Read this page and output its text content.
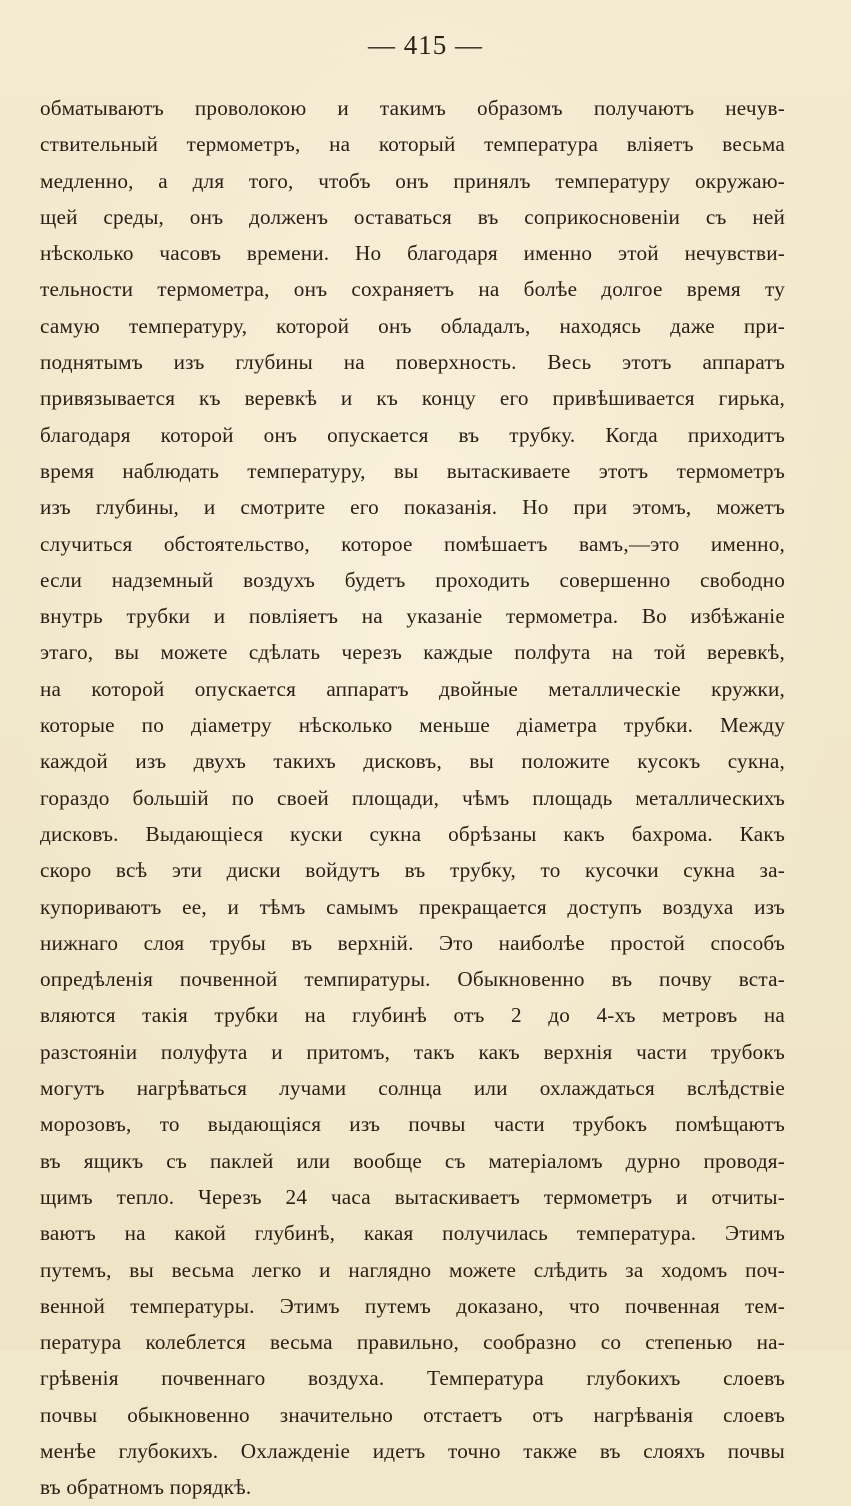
— 415 —
обматываютъ проволокою и такимъ образомъ получаютъ нечув-
ствительный термометръ, на который температура вліяетъ весьма
медленно, а для того, чтобъ онъ принялъ температуру окружаю-
щей среды, онъ долженъ оставаться въ соприкосновеніи съ ней
нѣсколько часовъ времени. Но благодаря именно этой нечувстви-
тельности термометра, онъ сохраняетъ на болѣе долгое время ту
самую температуру, которой онъ обладалъ, находясь даже при-
поднятымъ изъ глубины на поверхность. Весь этотъ аппаратъ
привязывается къ веревкѣ и къ концу его привѣшивается гирька,
благодаря которой онъ опускается въ трубку. Когда приходитъ
время наблюдать температуру, вы вытаскиваете этотъ термометръ
изъ глубины, и смотрите его показанія. Но при этомъ, можетъ
случиться обстоятельство, которое помѣшаетъ вамъ,—это именно,
если надземный воздухъ будетъ проходить совершенно свободно
внутрь трубки и повліяетъ на указаніе термометра. Во избѣжаніе
этаго, вы можете сдѣлать черезъ каждые полфута на той веревкѣ,
на которой опускается аппаратъ двойные металлическіе кружки,
которые по діаметру нѣсколько меньше діаметра трубки. Между
каждой изъ двухъ такихъ дисковъ, вы положите кусокъ сукна,
гораздо большій по своей площади, чѣмъ площадь металлическихъ
дисковъ. Выдающіеся куски сукна обрѣзаны какъ бахрома. Какъ
скоро всѣ эти диски войдутъ въ трубку, то кусочки сукна за-
купориваютъ ее, и тѣмъ самымъ прекращается доступъ воздуха изъ
нижнаго слоя трубы въ верхній. Это наиболѣе простой способъ
опредѣленія почвенной темпиратуры. Обыкновенно въ почву вста-
вляются такія трубки на глубинѣ отъ 2 до 4-хъ метровъ на
разстояніи полуфута и притомъ, такъ какъ верхнія части трубокъ
могутъ нагрѣваться лучами солнца или охлаждаться вслѣдствіе
морозовъ, то выдающіяся изъ почвы части трубокъ помѣщаютъ
въ ящикъ съ паклей или вообще съ матеріаломъ дурно проводя-
щимъ тепло. Черезъ 24 часа вытаскиваетъ термометръ и отчиты-
ваютъ на какой глубинѣ, какая получилась температура. Этимъ
путемъ, вы весьма легко и наглядно можете слѣдить за ходомъ поч-
венной температуры. Этимъ путемъ доказано, что почвенная тем-
пература колеблется весьма правильно, сообразно со степенью на-
грѣвенія почвеннаго воздуха. Температура глубокихъ слоевъ
почвы обыкновенно значительно отстаетъ отъ нагрѣванія слоевъ
менѣе глубокихъ. Охлажденіе идетъ точно также въ слояхъ почвы
въ обратномъ порядкѣ.
